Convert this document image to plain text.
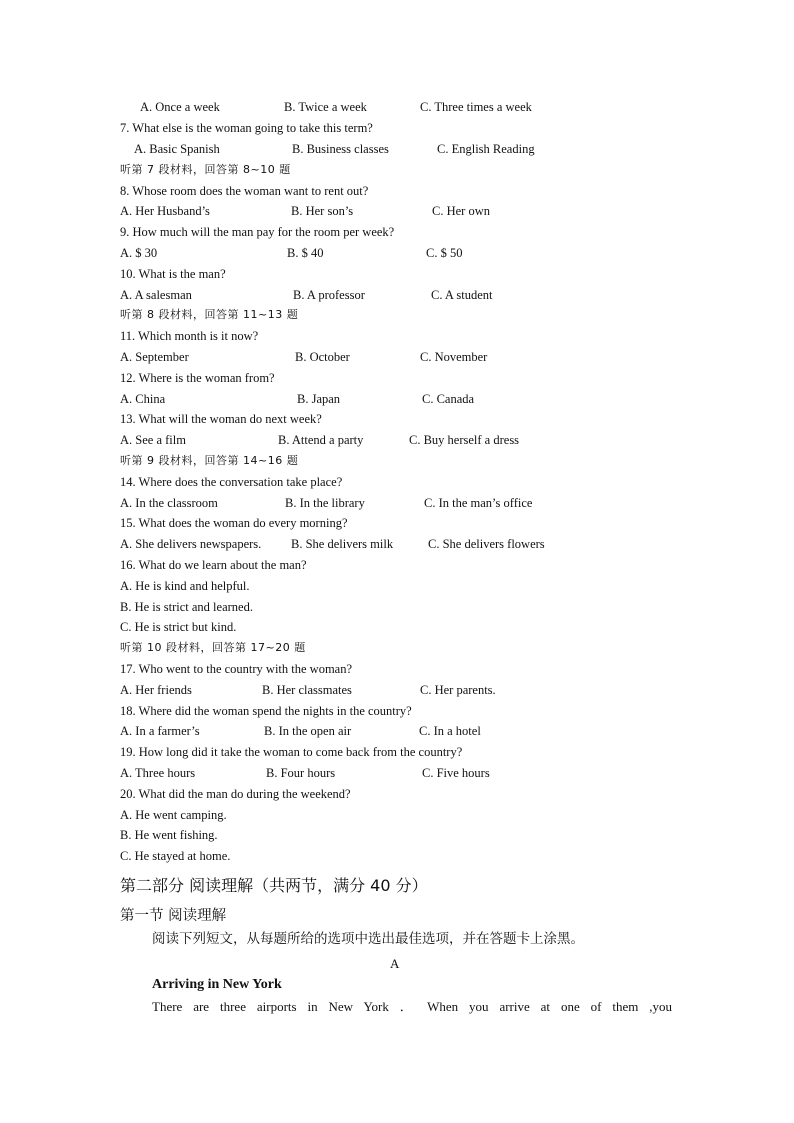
A. Once a week	B. Twice a week	C. Three times a week
7. What else is the woman going to take this term?
A. Basic Spanish	B. Business classes	C. English Reading
听第 7 段材料，回答第 8~10 题
8. Whose room does the woman want to rent out?
A. Her Husband’s	B. Her son’s	C. Her own
9. How much will the man pay for the room per week?
A. $ 30	B. $ 40	C. $ 50
10. What is the man?
A. A salesman	B. A professor	C. A student
听第 8 段材料，回答第 11~13 题
11. Which month is it now?
A. September	B. October	C. November
12. Where is the woman from?
A. China	B. Japan	C. Canada
13. What will the woman do next week?
A. See a film	B. Attend a party	C. Buy herself a dress
听第 9 段材料，回答第 14~16 题
14. Where does the conversation take place?
A. In the classroom	B. In the library	C. In the man’s office
15. What does the woman do every morning?
A. She delivers newspapers. B. She delivers milk	C. She delivers flowers
16. What do we learn about the man?
A. He is kind and helpful.
B. He is strict and learned.
C. He is strict but kind.
听第 10 段材料，回答第 17~20 题
17. Who went to the country with the woman?
A. Her friends	B. Her classmates	C. Her parents.
18. Where did the woman spend the nights in the country?
A. In a farmer’s	B. In the open air	C. In a hotel
19. How long did it take the woman to come back from the country?
A. Three hours	B. Four hours	C. Five hours
20. What did the man do during the weekend?
A. He went camping.
B. He went fishing.
C. He stayed at home.
第二部分 阅读理解（共两节，满分 40 分）
第一节 阅读理解
阅读下列短文，从每题所给的选项中选出最佳选项，并在答题卡上涂黑。
A
Arriving in New York
There are three airports in New York ． When you arrive at one of them ,you
